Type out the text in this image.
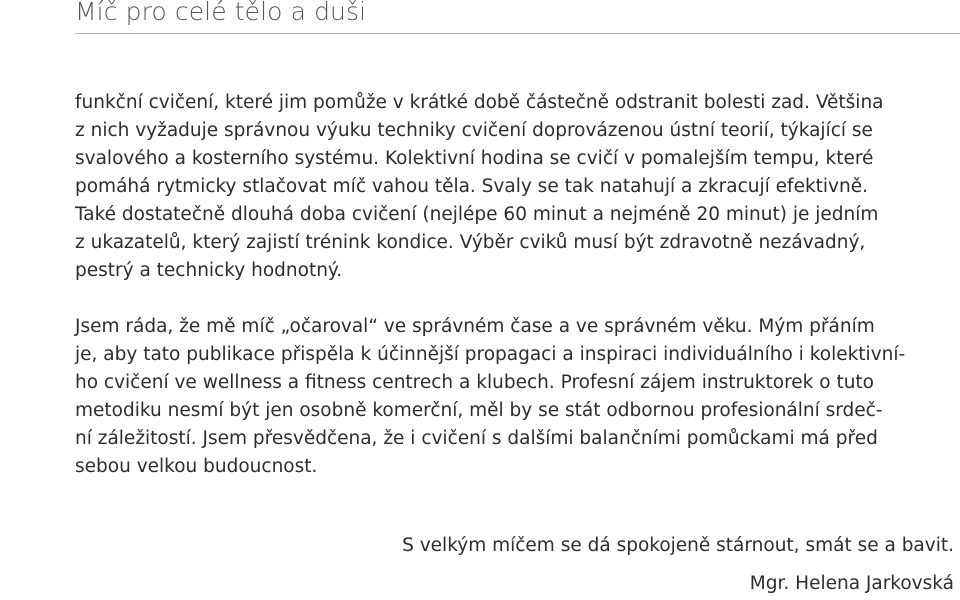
Míč pro celé tělo a duši
funkční cvičení, které jim pomůže v krátké době částečně odstranit bolesti zad. Většina
z nich vyžaduje správnou výuku techniky cvičení doprovázenou ústní teorií, týkající se
svalového a kosterního systému. Kolektivní hodina se cvičí v pomalejším tempu, které
pomáhá rytmicky stlačovat míč vahou těla. Svaly se tak natahují a zkracují efektivně.
Také dostatečně dlouhá doba cvičení (nejlépe 60 minut a nejméně 20 minut) je jedním
z ukazatelů, který zajistí trénink kondice. Výběr cviků musí být zdravotně nezávadný,
pestrý a technicky hodnotný.
Jsem ráda, že mě míč „očaroval“ ve správném čase a ve správném věku. Mým přáním
je, aby tato publikace přispěla k účinnější propagaci a inspiraci individuálního i kolektivní-
ho cvičení ve wellness a fitness centrech a klubech. Profesní zájem instruktorek o tuto
metodiku nesmí být jen osobně komerční, měl by se stát odbornou profesionální srdeč-
ní záležitostí. Jsem přesvědčena, že i cvičení s dalšími balančními pomůckami má před
sebou velkou budoucnost.
S velkým míčem se dá spokojeně stárnout, smát se a bavit.
Mgr. Helena Jarkovská
